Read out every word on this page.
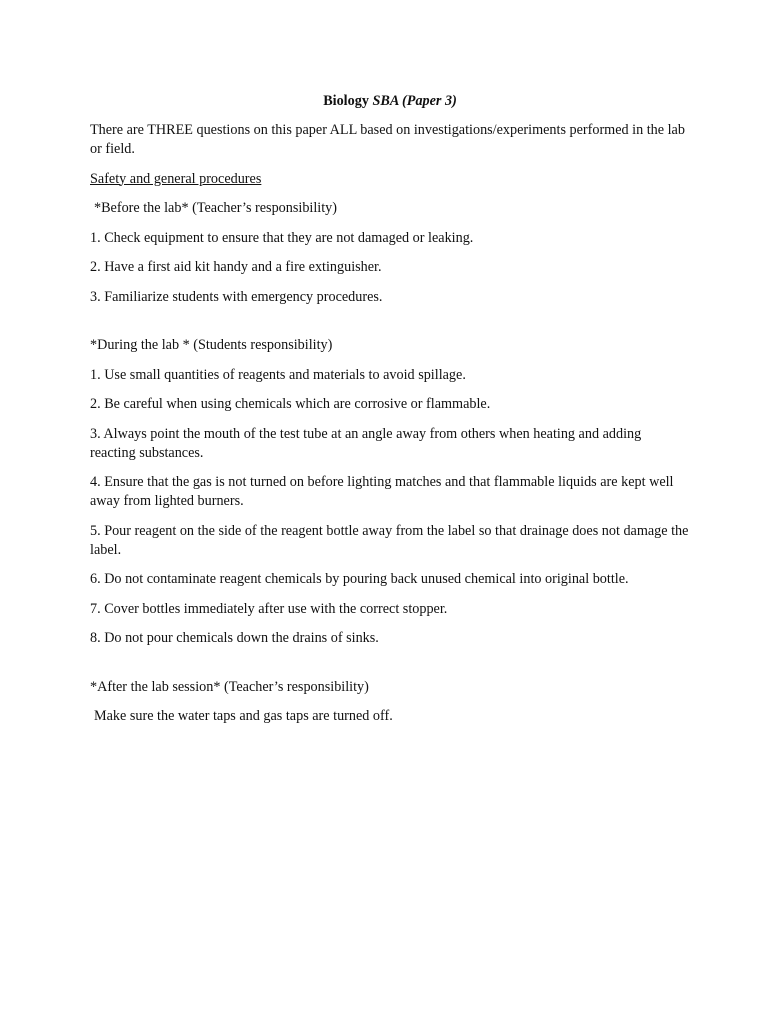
Biology SBA (Paper 3)

There are THREE questions on this paper ALL based on investigations/experiments performed in the lab or field.

Safety and general procedures

*Before the lab* (Teacher’s responsibility)

1. Check equipment to ensure that they are not damaged or leaking.

2. Have a first aid kit handy and a fire extinguisher.

3. Familiarize students with emergency procedures.

*During the lab * (Students responsibility)

1. Use small quantities of reagents and materials to avoid spillage.

2. Be careful when using chemicals which are corrosive or flammable.

3. Always point the mouth of the test tube at an angle away from others when heating and adding reacting substances.

4. Ensure that the gas is not turned on before lighting matches and that flammable liquids are kept well away from lighted burners.

5. Pour reagent on the side of the reagent bottle away from the label so that drainage does not damage the label.

6. Do not contaminate reagent chemicals by pouring back unused chemical into original bottle.

7. Cover bottles immediately after use with the correct stopper.

8. Do not pour chemicals down the drains of sinks.

*After the lab session* (Teacher’s responsibility)

Make sure the water taps and gas taps are turned off.
